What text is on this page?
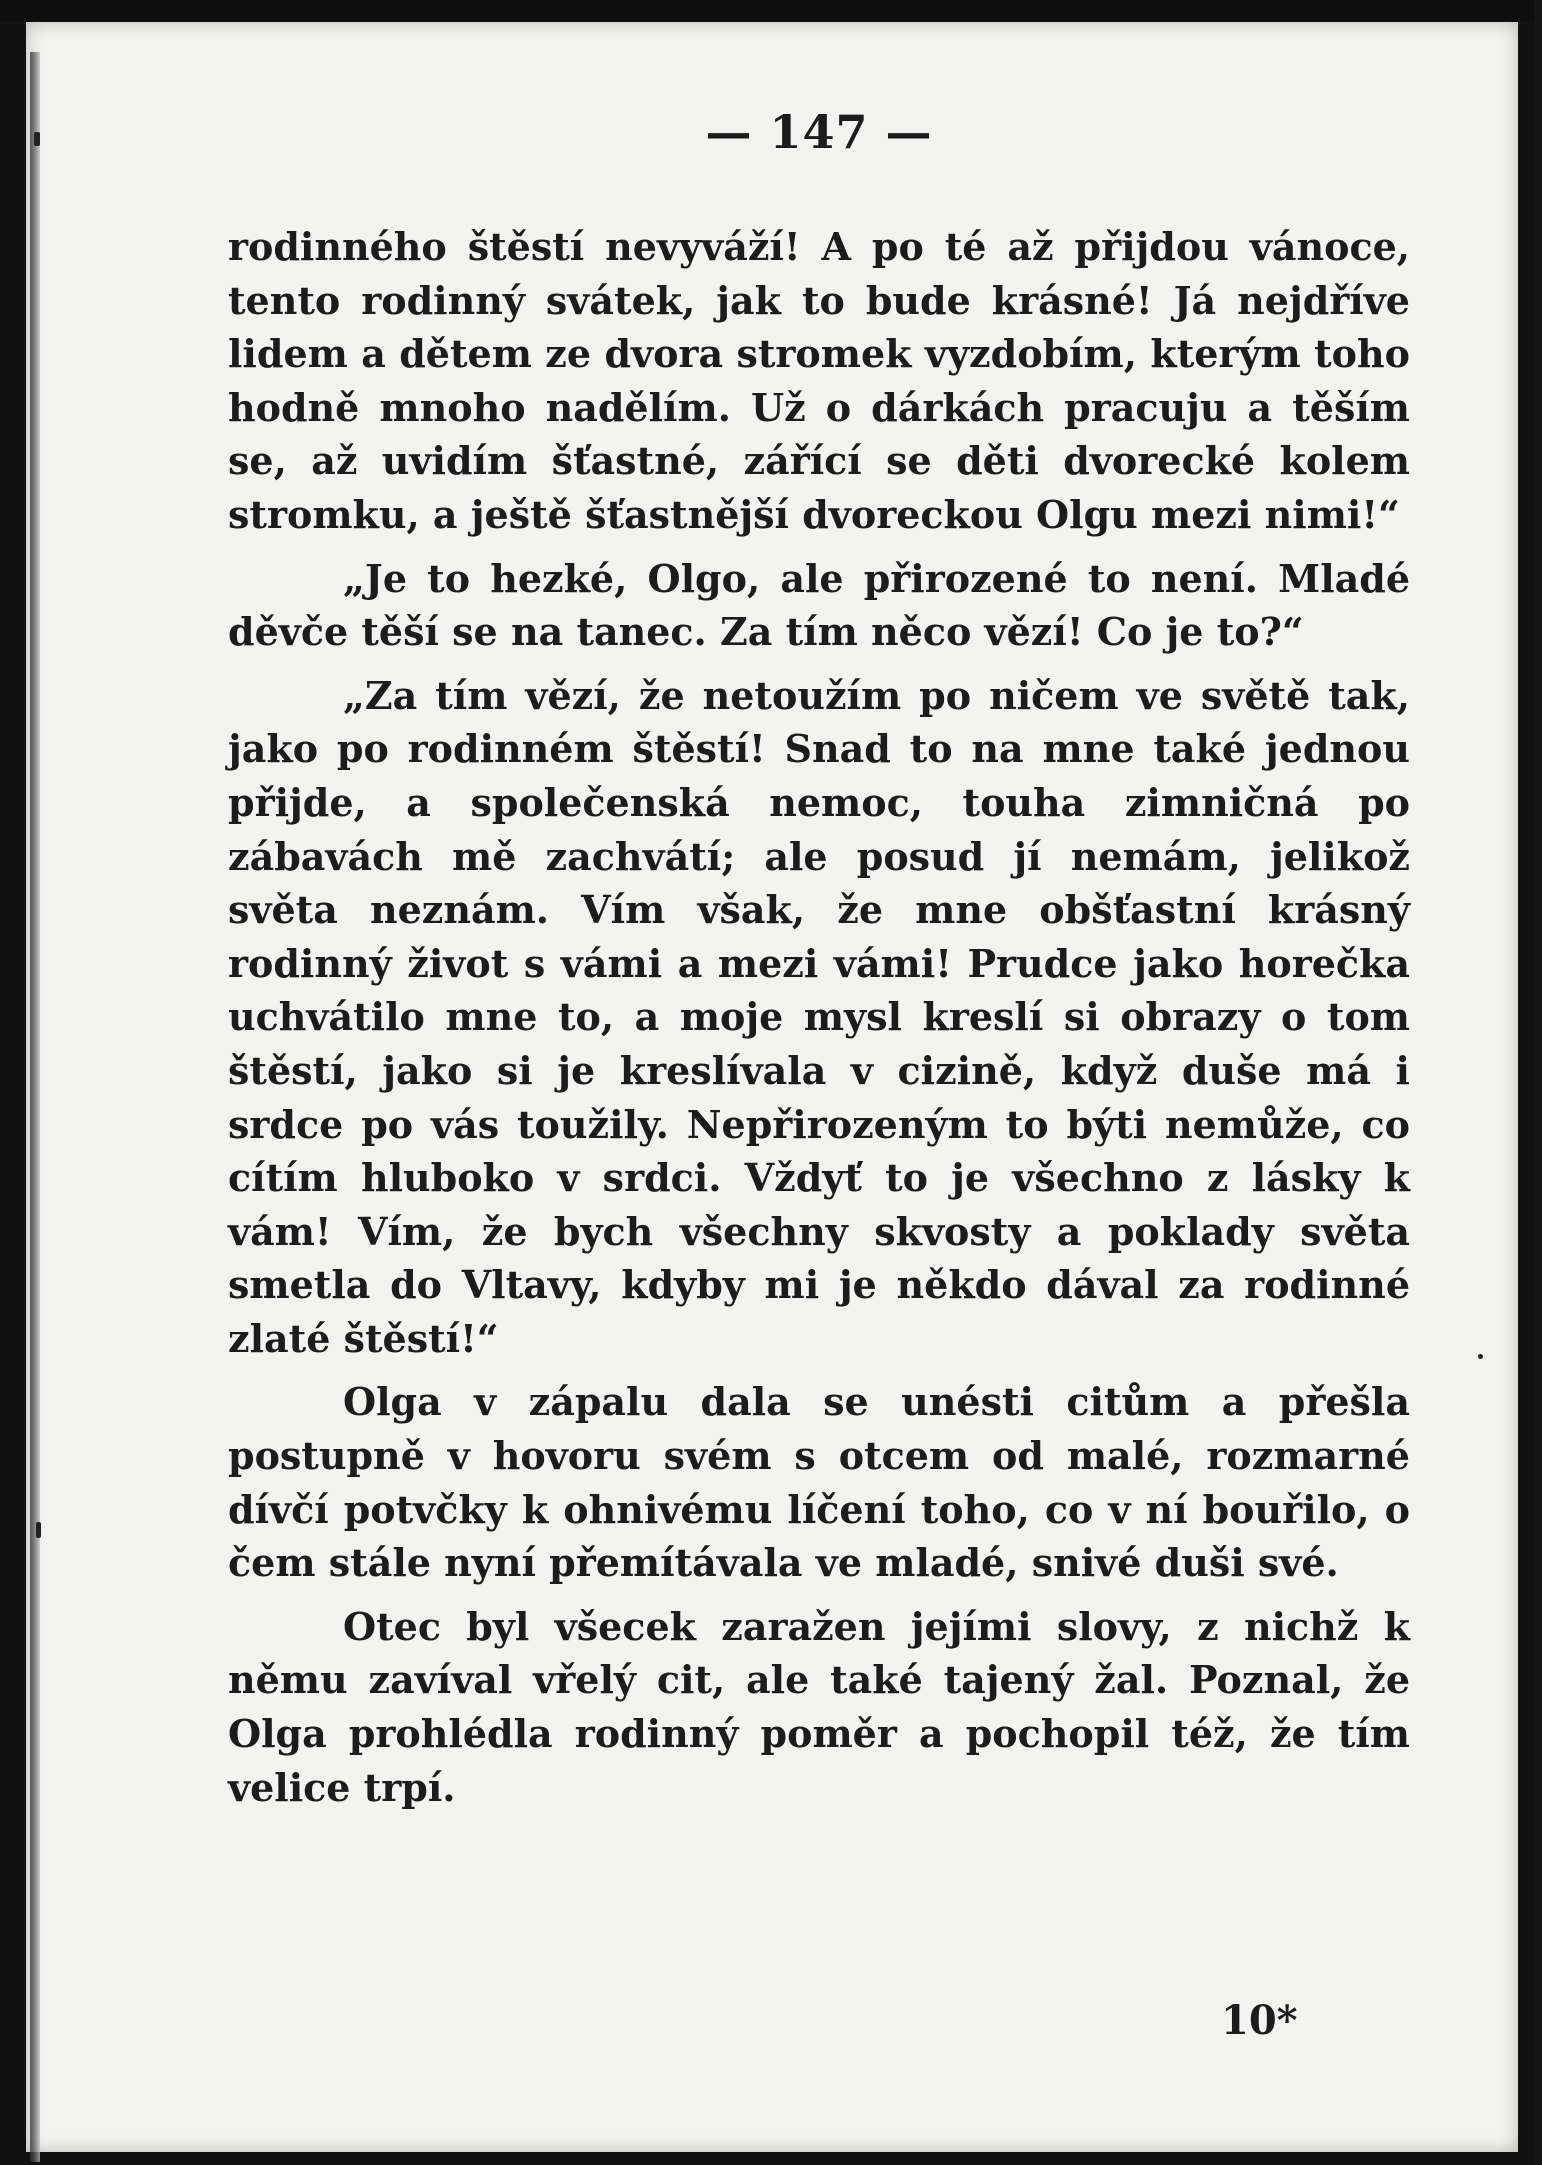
— 147 —

rodinného štěstí nevyváží! A po té až přijdou vánoce, tento rodinný svátek, jak to bude krásné! Já nejdříve lidem a dětem ze dvora stromek vyzdobím, kterým toho hodně mnoho nadělím. Už o dárkách pracuju a těším se, až uvidím šťastné, zářící se děti dvorecké kolem stromku, a ještě šťastnější dvoreckou Olgu mezi nimi!“

„Je to hezké, Olgo, ale přirozené to není. Mladé děvče těší se na tanec. Za tím něco vězí! Co je to?“

„Za tím vězí, že netoužím po ničem ve světě tak, jako po rodinném štěstí! Snad to na mne také jednou přijde, a společenská nemoc, touha zimničná po zábavách mě zachvátí; ale posud jí nemám, jelikož světa neznám. Vím však, že mne obšťastní krásný rodinný život s vámi a mezi vámi! Prudce jako horečka uchvátilo mne to, a moje mysl kreslí si obrazy o tom štěstí, jako si je kreslívala v cizině, když duše má i srdce po vás toužily. Nepřirozeným to býti nemůže, co cítím hluboko v srdci. Vždyť to je všechno z lásky k vám! Vím, že bych všechny skvosty a poklady světa smetla do Vltavy, kdyby mi je někdo dával za rodinné zlaté štěstí!“

Olga v zápalu dala se unésti citům a přešla postupně v hovoru svém s otcem od malé, rozmarné dívčí potvčky k ohnivému líčení toho, co v ní bouřilo, o čem stále nyní přemítávala ve mladé, snivé duši své.

Otec byl všecek zaražen jejími slovy, z nichž k němu zavíval vřelý cit, ale také tajený žal. Poznal, že Olga prohlédla rodinný poměr a pochopil též, že tím velice trpí.

10*
